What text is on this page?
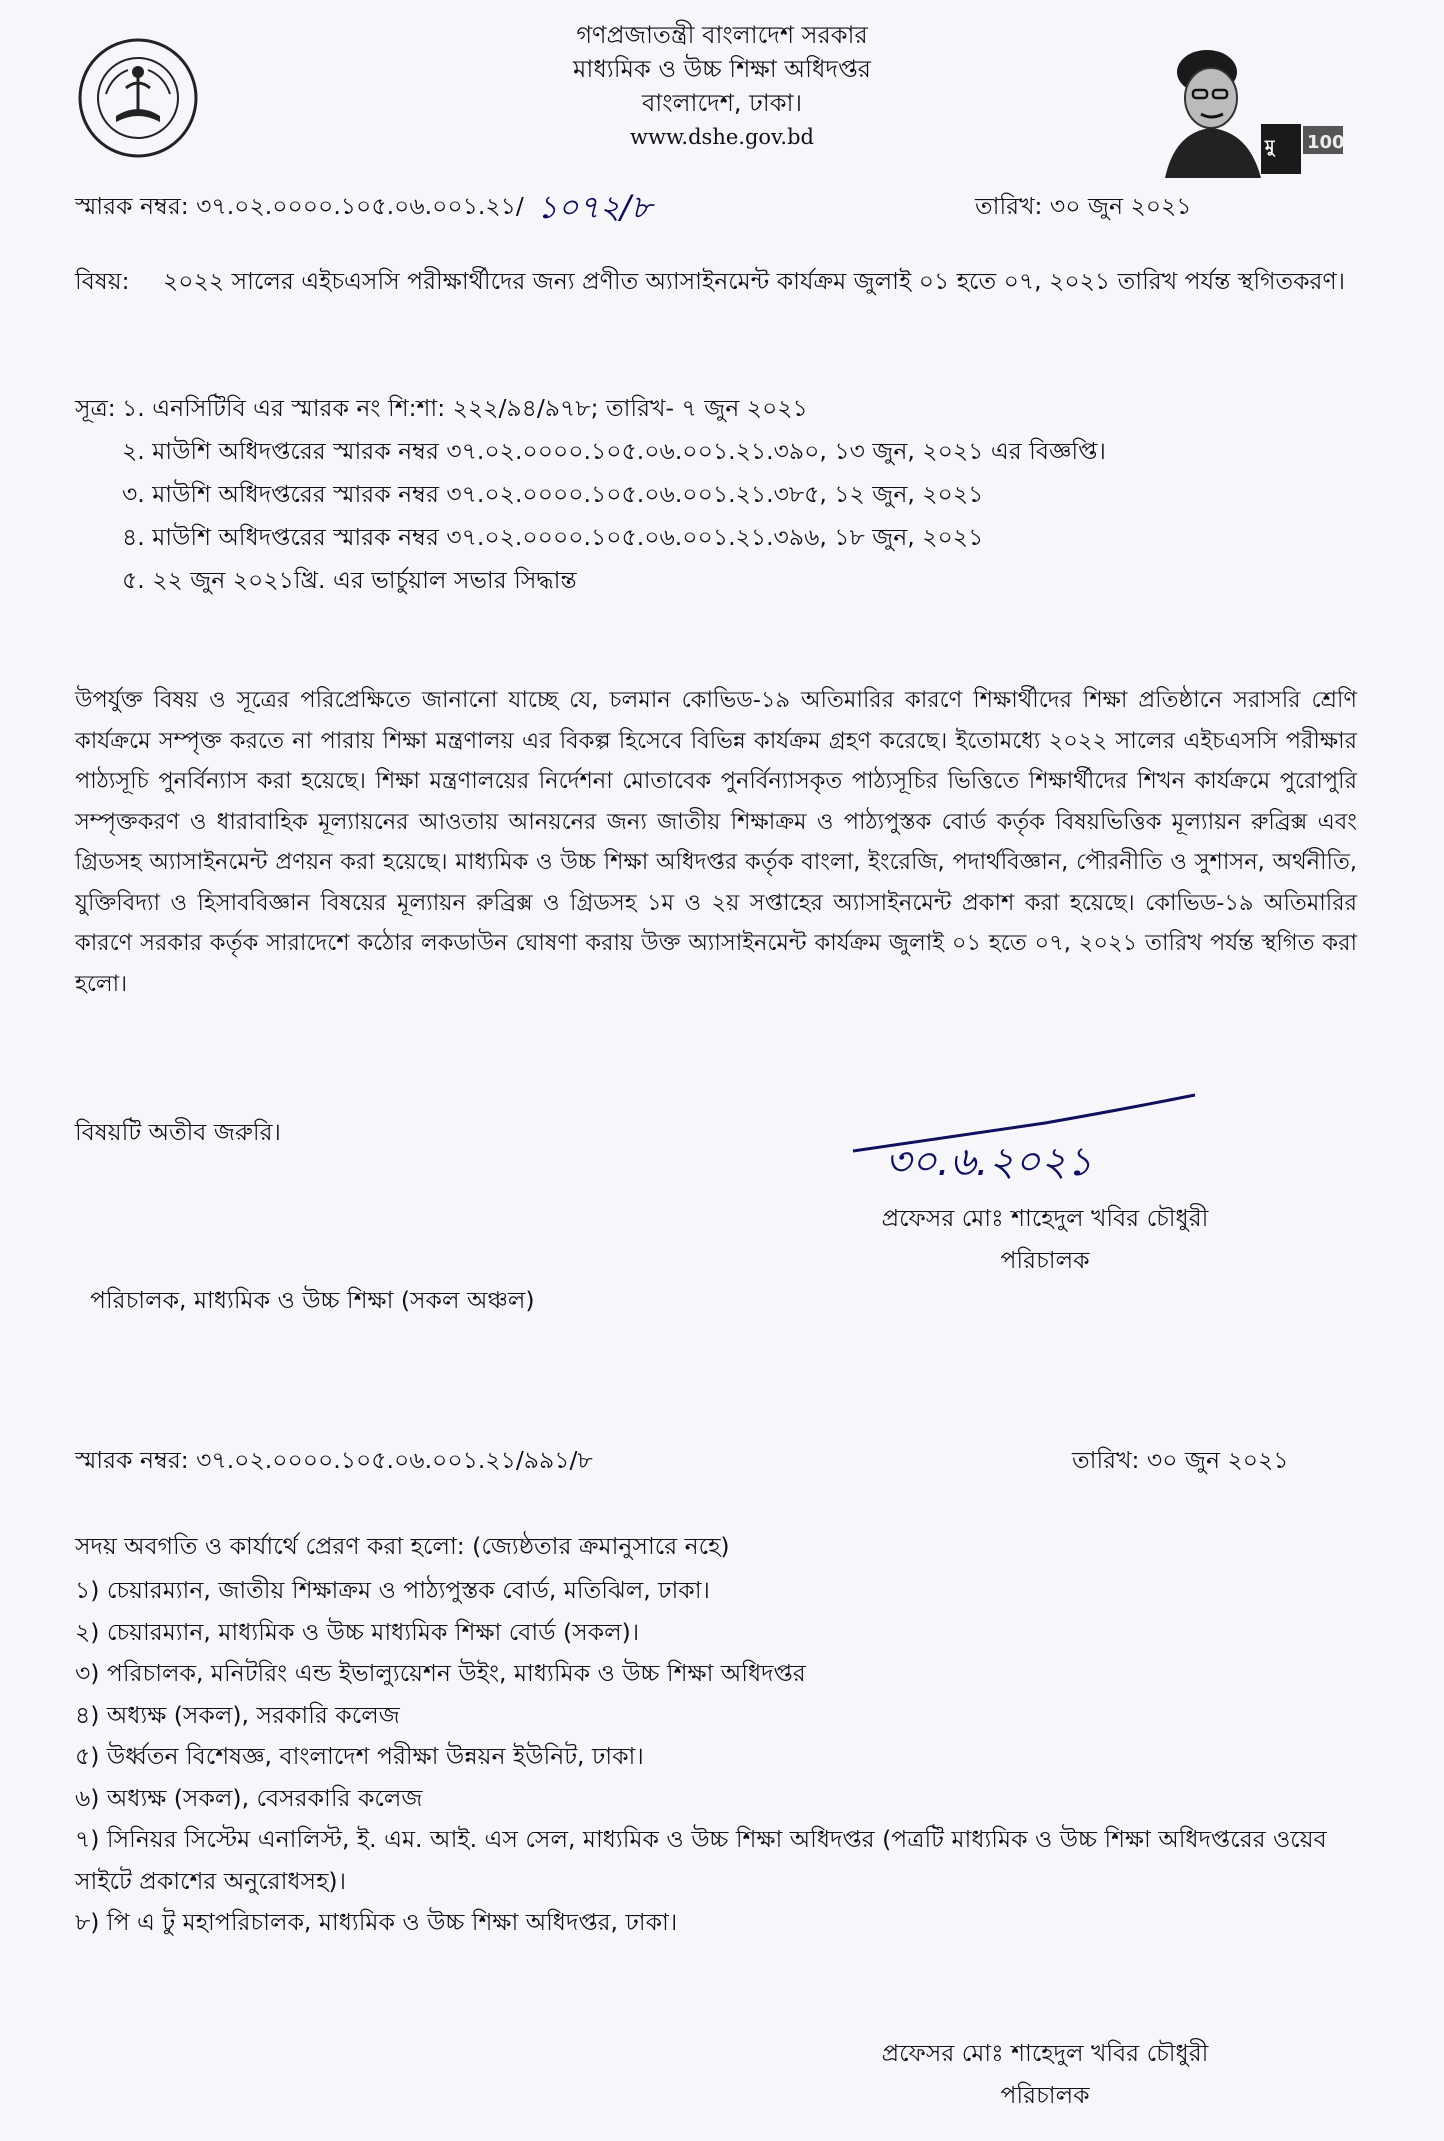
গণপ্রজাতন্ত্রী বাংলাদেশ সরকার
মাধ্যমিক ও উচ্চ শিক্ষা অধিদপ্তর
বাংলাদেশ, ঢাকা।
www.dshe.gov.bd	মু 100
স্মারক নম্বর: ৩৭.০২.০০০০.১০৫.০৬.০০১.২১/ ১০৭২/৮	তারিখ: ৩০ জুন ২০২১
বিষয়: ২০২২ সালের এইচএসসি পরীক্ষার্থীদের জন্য প্রণীত অ্যাসাইনমেন্ট কার্যক্রম জুলাই ০১ হতে ০৭, ২০২১ তারিখ পর্যন্ত স্থগিতকরণ।
সূত্র: ১. এনসিটিবি এর স্মারক নং শি:শা: ২২২/৯৪/৯৭৮; তারিখ- ৭ জুন ২০২১
২. মাউশি অধিদপ্তরের স্মারক নম্বর ৩৭.০২.০০০০.১০৫.০৬.০০১.২১.৩৯০, ১৩ জুন, ২০২১ এর বিজ্ঞপ্তি।
৩. মাউশি অধিদপ্তরের স্মারক নম্বর ৩৭.০২.০০০০.১০৫.০৬.০০১.২১.৩৮৫, ১২ জুন, ২০২১
৪. মাউশি অধিদপ্তরের স্মারক নম্বর ৩৭.০২.০০০০.১০৫.০৬.০০১.২১.৩৯৬, ১৮ জুন, ২০২১
৫. ২২ জুন ২০২১খ্রি. এর ভার্চুয়াল সভার সিদ্ধান্ত
উপর্যুক্ত বিষয় ও সূত্রের পরিপ্রেক্ষিতে জানানো যাচ্ছে যে, চলমান কোভিড-১৯ অতিমারির কারণে শিক্ষার্থীদের শিক্ষা প্রতিষ্ঠানে সরাসরি শ্রেণি কার্যক্রমে সম্পৃক্ত করতে না পারায় শিক্ষা মন্ত্রণালয় এর বিকল্প হিসেবে বিভিন্ন কার্যক্রম গ্রহণ করেছে। ইতোমধ্যে ২০২২ সালের এইচএসসি পরীক্ষার পাঠ্যসূচি পুনর্বিন্যাস করা হয়েছে। শিক্ষা মন্ত্রণালয়ের নির্দেশনা মোতাবেক পুনর্বিন্যাসকৃত পাঠ্যসূচির ভিত্তিতে শিক্ষার্থীদের শিখন কার্যক্রমে পুরোপুরি সম্পৃক্তকরণ ও ধারাবাহিক মূল্যায়নের আওতায় আনয়নের জন্য জাতীয় শিক্ষাক্রম ও পাঠ্যপুস্তক বোর্ড কর্তৃক বিষয়ভিত্তিক মূল্যায়ন রুব্রিক্স এবং গ্রিডসহ অ্যাসাইনমেন্ট প্রণয়ন করা হয়েছে। মাধ্যমিক ও উচ্চ শিক্ষা অধিদপ্তর কর্তৃক বাংলা, ইংরেজি, পদার্থবিজ্ঞান, পৌরনীতি ও সুশাসন, অর্থনীতি, যুক্তিবিদ্যা ও হিসাববিজ্ঞান বিষয়ের মূল্যায়ন রুব্রিক্স ও গ্রিডসহ ১ম ও ২য় সপ্তাহের অ্যাসাইনমেন্ট প্রকাশ করা হয়েছে। কোভিড-১৯ অতিমারির কারণে সরকার কর্তৃক সারাদেশে কঠোর লকডাউন ঘোষণা করায় উক্ত অ্যাসাইনমেন্ট কার্যক্রম জুলাই ০১ হতে ০৭, ২০২১ তারিখ পর্যন্ত স্থগিত করা হলো।
বিষয়টি অতীব জরুরি।
৩০.৬.২০২১
প্রফেসর মোঃ শাহেদুল খবির চৌধুরী
পরিচালক
পরিচালক, মাধ্যমিক ও উচ্চ শিক্ষা (সকল অঞ্চল)
স্মারক নম্বর: ৩৭.০২.০০০০.১০৫.০৬.০০১.২১/৯৯১/৮	তারিখ: ৩০ জুন ২০২১
সদয় অবগতি ও কার্যার্থে প্রেরণ করা হলো: (জ্যেষ্ঠতার ক্রমানুসারে নহে)
১) চেয়ারম্যান, জাতীয় শিক্ষাক্রম ও পাঠ্যপুস্তক বোর্ড, মতিঝিল, ঢাকা।
২) চেয়ারম্যান, মাধ্যমিক ও উচ্চ মাধ্যমিক শিক্ষা বোর্ড (সকল)।
৩) পরিচালক, মনিটরিং এন্ড ইভাল্যুয়েশন উইং, মাধ্যমিক ও উচ্চ শিক্ষা অধিদপ্তর
৪) অধ্যক্ষ (সকল), সরকারি কলেজ
৫) উর্ধ্বতন বিশেষজ্ঞ, বাংলাদেশ পরীক্ষা উন্নয়ন ইউনিট, ঢাকা।
৬) অধ্যক্ষ (সকল), বেসরকারি কলেজ
৭) সিনিয়র সিস্টেম এনালিস্ট, ই. এম. আই. এস সেল, মাধ্যমিক ও উচ্চ শিক্ষা অধিদপ্তর (পত্রটি মাধ্যমিক ও উচ্চ শিক্ষা অধিদপ্তরের ওয়েব সাইটে প্রকাশের অনুরোধসহ)।
৮) পি এ টু মহাপরিচালক, মাধ্যমিক ও উচ্চ শিক্ষা অধিদপ্তর, ঢাকা।
প্রফেসর মোঃ শাহেদুল খবির চৌধুরী
পরিচালক
